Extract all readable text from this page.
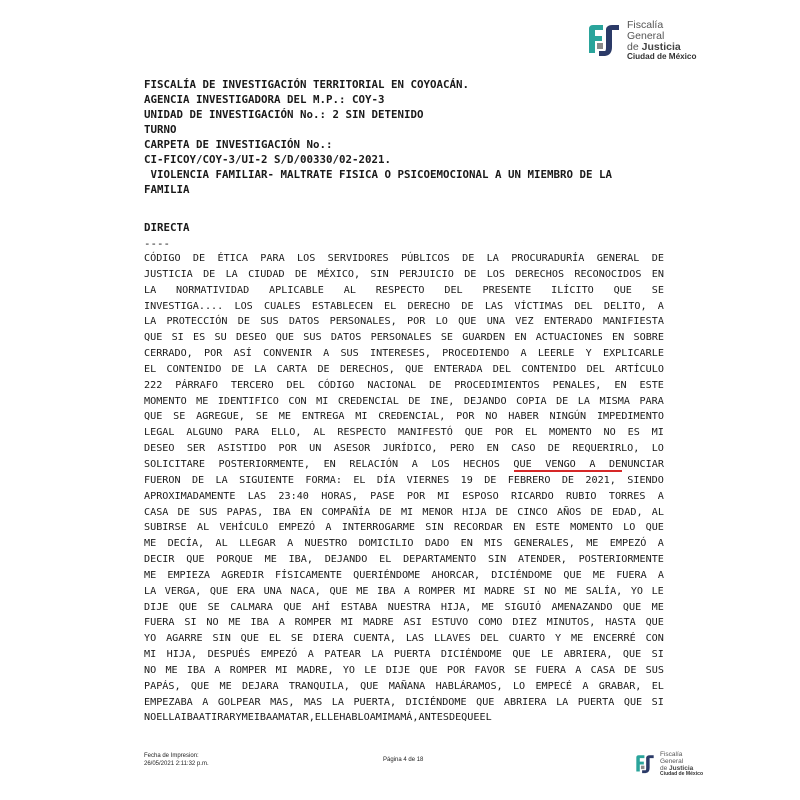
Fiscalía
General
de Justicia
Ciudad de México
FISCALÍA DE INVESTIGACIÓN TERRITORIAL EN COYOACÁN.
AGENCIA INVESTIGADORA DEL M.P.: COY-3
UNIDAD DE INVESTIGACIÓN No.: 2 SIN DETENIDO
TURNO
CARPETA DE INVESTIGACIÓN No.:
CI-FICOY/COY-3/UI-2 S/D/00330/02-2021.
VIOLENCIA FAMILIAR- MALTRATE FISICA O PSICOEMOCIONAL A UN MIEMBRO DE LA
FAMILIA
DIRECTA
----
CÓDIGO DE ÉTICA PARA LOS SERVIDORES PÚBLICOS DE LA PROCURADURÍA GENERAL DE
JUSTICIA DE LA CIUDAD DE MÉXICO, SIN PERJUICIO DE LOS DERECHOS RECONOCIDOS EN
LA NORMATIVIDAD APLICABLE AL RESPECTO DEL PRESENTE ILÍCITO QUE SE
INVESTIGA.... LOS CUALES ESTABLECEN EL DERECHO DE LAS VÍCTIMAS DEL DELITO, A
LA PROTECCIÓN DE SUS DATOS PERSONALES, POR LO QUE UNA VEZ ENTERADO MANIFIESTA
QUE SI ES SU DESEO QUE SUS DATOS PERSONALES SE GUARDEN EN ACTUACIONES EN SOBRE
CERRADO, POR ASÍ CONVENIR A SUS INTERESES, PROCEDIENDO A LEERLE Y EXPLICARLE
EL CONTENIDO DE LA CARTA DE DERECHOS, QUE ENTERADA DEL CONTENIDO DEL ARTÍCULO
222 PÁRRAFO TERCERO DEL CÓDIGO NACIONAL DE PROCEDIMIENTOS PENALES, EN ESTE
MOMENTO ME IDENTIFICO CON MI CREDENCIAL DE INE, DEJANDO COPIA DE LA MISMA PARA
QUE SE AGREGUE, SE ME ENTREGA MI CREDENCIAL, POR NO HABER NINGÚN IMPEDIMENTO
LEGAL ALGUNO PARA ELLO, AL RESPECTO MANIFESTÓ QUE POR EL MOMENTO NO ES MI
DESEO SER ASISTIDO POR UN ASESOR JURÍDICO, PERO EN CASO DE REQUERIRLO, LO
SOLICITARE POSTERIORMENTE, EN RELACIÓN A LOS HECHOS QUE VENGO A DENUNCIAR
FUERON DE LA SIGUIENTE FORMA: EL DÍA VIERNES 19 DE FEBRERO DE 2021, SIENDO
APROXIMADAMENTE LAS 23:40 HORAS, PASE POR MI ESPOSO RICARDO RUBIO TORRES A
CASA DE SUS PAPAS, IBA EN COMPAÑÍA DE MI MENOR HIJA DE CINCO AÑOS DE EDAD, AL
SUBIRSE AL VEHÍCULO EMPEZÓ A INTERROGARME SIN RECORDAR EN ESTE MOMENTO LO QUE
ME DECÍA, AL LLEGAR A NUESTRO DOMICILIO DADO EN MIS GENERALES, ME EMPEZÓ A
DECIR QUE PORQUE ME IBA, DEJANDO EL DEPARTAMENTO SIN ATENDER, POSTERIORMENTE
ME EMPIEZA AGREDIR FÍSICAMENTE QUERIÉNDOME AHORCAR, DICIÉNDOME QUE ME FUERA A
LA VERGA, QUE ERA UNA NACA, QUE ME IBA A ROMPER MI MADRE SI NO ME SALÍA, YO LE
DIJE QUE SE CALMARA QUE AHÍ ESTABA NUESTRA HIJA, ME SIGUIÓ AMENAZANDO QUE ME
FUERA SI NO ME IBA A ROMPER MI MADRE ASI ESTUVO COMO DIEZ MINUTOS, HASTA QUE
YO AGARRE SIN QUE EL SE DIERA CUENTA, LAS LLAVES DEL CUARTO Y ME ENCERRÉ CON
MI HIJA, DESPUÉS EMPEZÓ A PATEAR LA PUERTA DICIÉNDOME QUE LE ABRIERA, QUE SI
NO ME IBA A ROMPER MI MADRE, YO LE DIJE QUE POR FAVOR SE FUERA A CASA DE SUS
PAPÁS, QUE ME DEJARA TRANQUILA, QUE MAÑANA HABLÁRAMOS, LO EMPECÉ A GRABAR, EL
EMPEZABA A GOLPEAR MAS, MAS LA PUERTA, DICIÉNDOME QUE ABRIERA LA PUERTA QUE SI
NO EL LA IBA A TIRAR Y ME IBA A MATAR, EL LE HABLO A MI MAMÁ, ANTES DE QUE EL
Fecha de Impresion:
26/05/2021 2:11:32 p.m.
Página 4 de 18
Fiscalía
General
de Justicia
Ciudad de México
